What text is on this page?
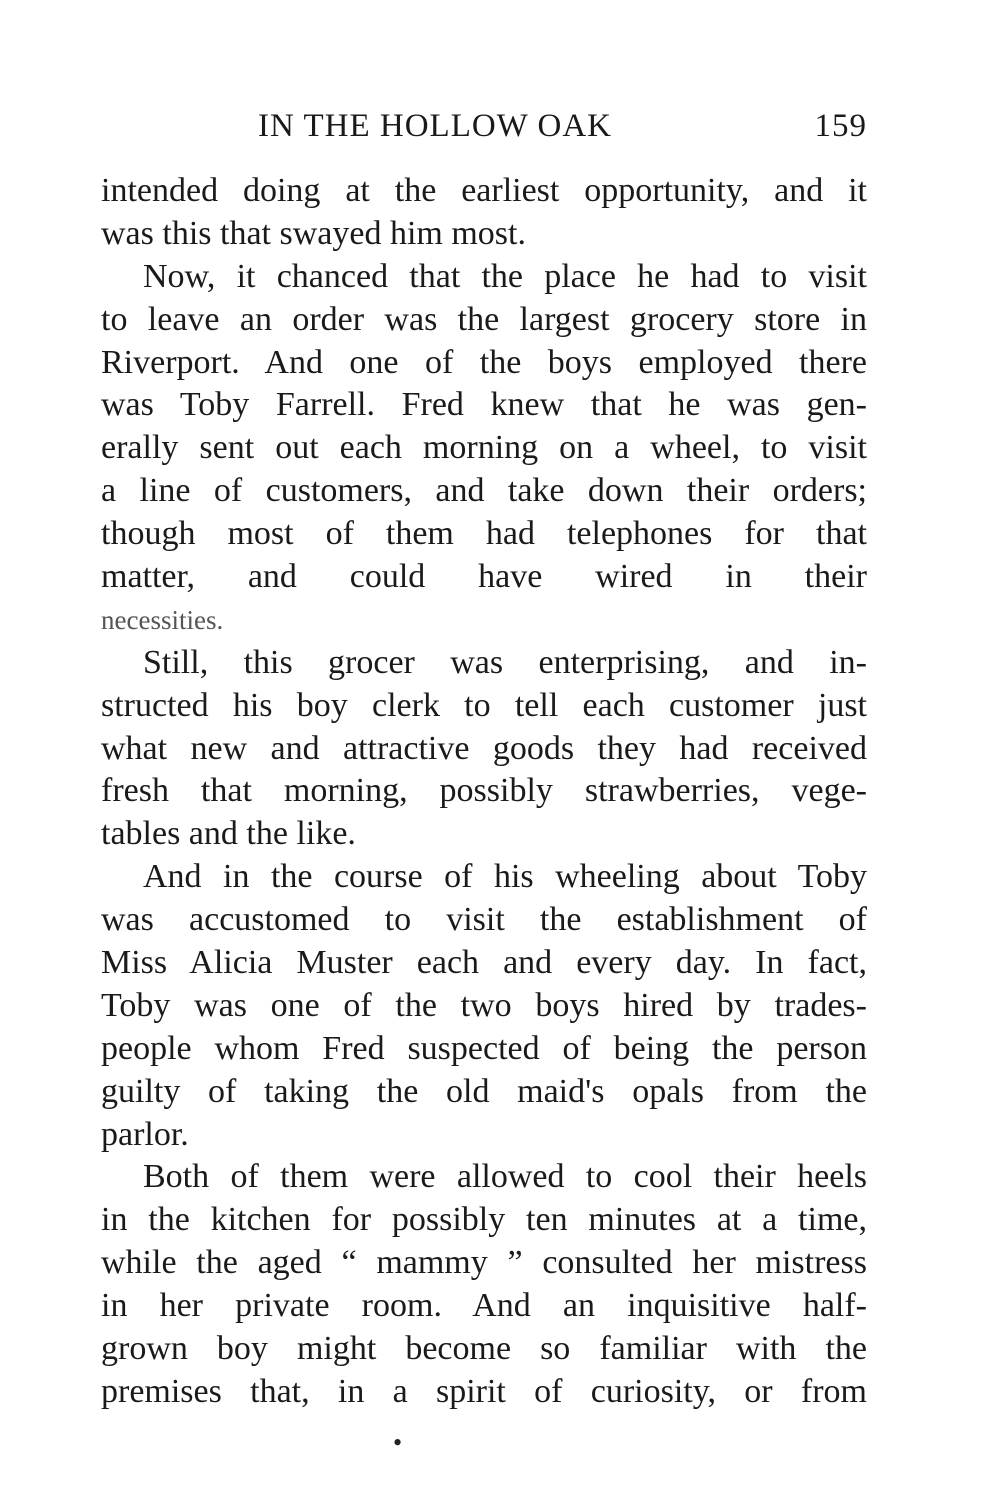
IN THE HOLLOW OAK	159
intended doing at the earliest opportunity, and it
was this that swayed him most.
Now, it chanced that the place he had to visit
to leave an order was the largest grocery store in
Riverport. And one of the boys employed there
was Toby Farrell. Fred knew that he was gen-
erally sent out each morning on a wheel, to visit
a line of customers, and take down their orders;
though most of them had telephones for that
matter, and could have wired in their
necessities.
Still, this grocer was enterprising, and in-
structed his boy clerk to tell each customer just
what new and attractive goods they had received
fresh that morning, possibly strawberries, vege-
tables and the like.
And in the course of his wheeling about Toby
was accustomed to visit the establishment of
Miss Alicia Muster each and every day. In fact,
Toby was one of the two boys hired by trades-
people whom Fred suspected of being the person
guilty of taking the old maid's opals from the
parlor.
Both of them were allowed to cool their heels
in the kitchen for possibly ten minutes at a time,
while the aged “ mammy ” consulted her mistress
in her private room. And an inquisitive half-
grown boy might become so familiar with the
premises that, in a spirit of curiosity, or from
•
